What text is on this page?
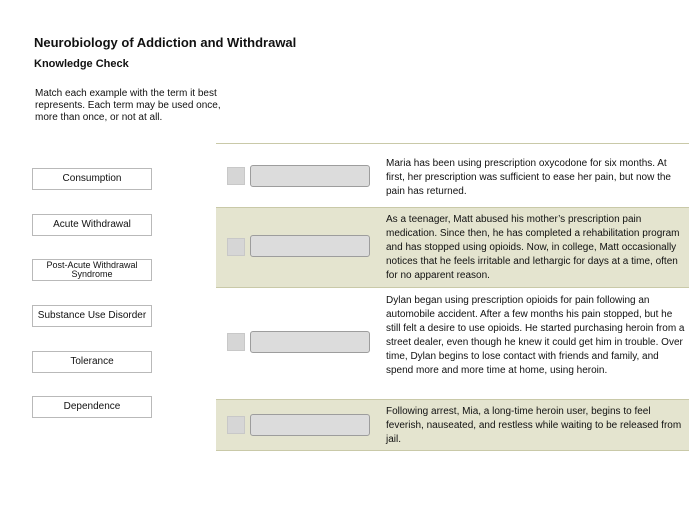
Neurobiology of Addiction and Withdrawal
Knowledge Check
Match each example with the term it best represents. Each term may be used once, more than once, or not at all.
Consumption
Acute Withdrawal
Post-Acute Withdrawal Syndrome
Substance Use Disorder
Tolerance
Dependence
Maria has been using prescription oxycodone for six months. At first, her prescription was sufficient to ease her pain, but now the pain has returned.
As a teenager, Matt abused his mother’s prescription pain medication. Since then, he has completed a rehabilitation program and has stopped using opioids. Now, in college, Matt occasionally notices that he feels irritable and lethargic for days at a time, often for no apparent reason.
Dylan began using prescription opioids for pain following an automobile accident. After a few months his pain stopped, but he still felt a desire to use opioids. He started purchasing heroin from a street dealer, even though he knew it could get him in trouble. Over time, Dylan begins to lose contact with friends and family, and spend more and more time at home, using heroin.
Following arrest, Mia, a long-time heroin user, begins to feel feverish, nauseated, and restless while waiting to be released from jail.
